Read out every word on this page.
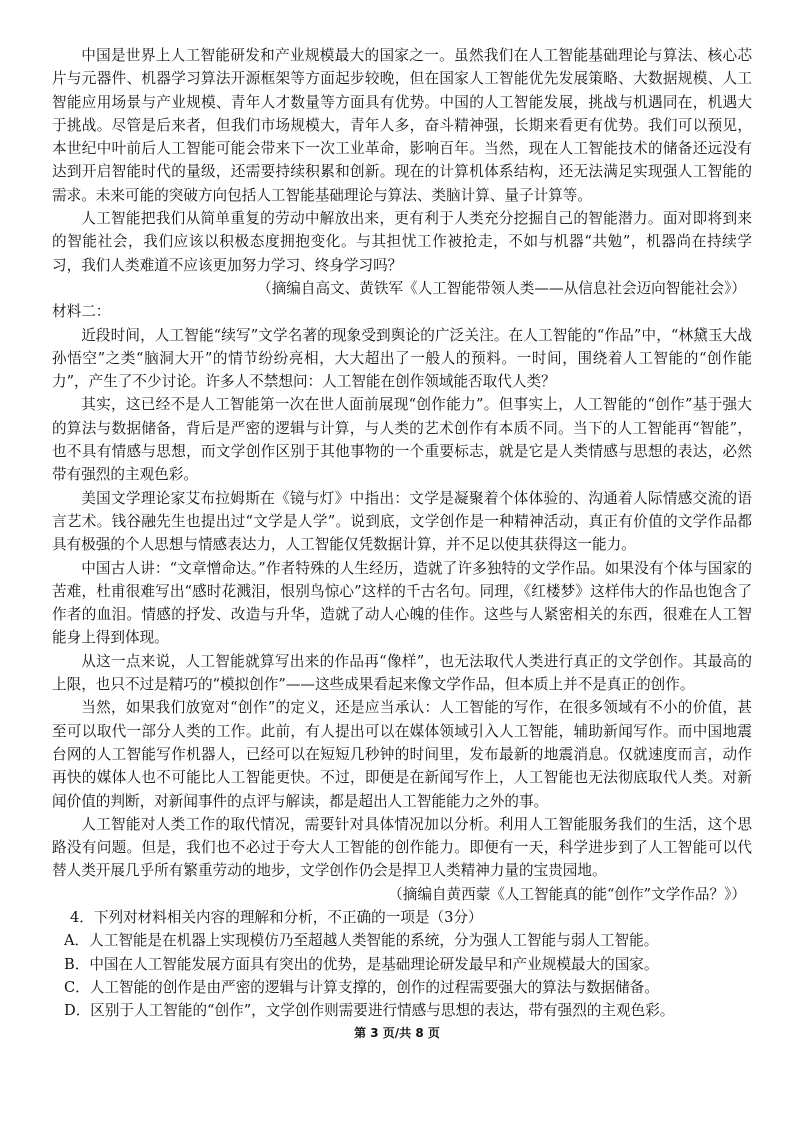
中国是世界上人工智能研发和产业规模最大的国家之一。虽然我们在人工智能基础理论与算法、核心芯片与元器件、机器学习算法开源框架等方面起步较晚，但在国家人工智能优先发展策略、大数据规模、人工智能应用场景与产业规模、青年人才数量等方面具有优势。中国的人工智能发展，挑战与机遇同在，机遇大于挑战。尽管是后来者，但我们市场规模大，青年人多，奋斗精神强，长期来看更有优势。我们可以预见，本世纪中叶前后人工智能可能会带来下一次工业革命，影响百年。当然，现在人工智能技术的储备还远没有达到开启智能时代的量级，还需要持续积累和创新。现在的计算机体系结构，还无法满足实现强人工智能的需求。未来可能的突破方向包括人工智能基础理论与算法、类脑计算、量子计算等。

人工智能把我们从简单重复的劳动中解放出来，更有利于人类充分挖掘自己的智能潜力。面对即将到来的智能社会，我们应该以积极态度拥抱变化。与其担忧工作被抢走，不如与机器“共勉”，机器尚在持续学习，我们人类难道不应该更加努力学习、终身学习吗？

（摘编自高文、黄铁军《人工智能带领人类——从信息社会迈向智能社会》）

材料二：

近段时间，人工智能“续写”文学名著的现象受到舆论的广泛关注。在人工智能的“作品”中，“林黛玉大战孙悟空”之类“脑洞大开”的情节纷纷亮相，大大超出了一般人的预料。一时间，围绕着人工智能的“创作能力”，产生了不少讨论。许多人不禁想问：人工智能在创作领域能否取代人类？

其实，这已经不是人工智能第一次在世人面前展现“创作能力”。但事实上，人工智能的“创作”基于强大的算法与数据储备，背后是严密的逻辑与计算，与人类的艺术创作有本质不同。当下的人工智能再“智能”，也不具有情感与思想，而文学创作区别于其他事物的一个重要标志，就是它是人类情感与思想的表达，必然带有强烈的主观色彩。

美国文学理论家艾布拉姆斯在《镜与灯》中指出：文学是凝聚着个体体验的、沟通着人际情感交流的语言艺术。钱谷融先生也提出过“文学是人学”。说到底，文学创作是一种精神活动，真正有价值的文学作品都具有极强的个人思想与情感表达力，人工智能仅凭数据计算，并不足以使其获得这一能力。

中国古人讲：“文章憎命达。”作者特殊的人生经历，造就了许多独特的文学作品。如果没有个体与国家的苦难，杜甫很难写出“感时花溅泪，恨别鸟惊心”这样的千古名句。同理，《红楼梦》这样伟大的作品也饱含了作者的血泪。情感的抒发、改造与升华，造就了动人心魄的佳作。这些与人紧密相关的东西，很难在人工智能身上得到体现。

从这一点来说，人工智能就算写出来的作品再“像样”，也无法取代人类进行真正的文学创作。其最高的上限，也只不过是精巧的“模拟创作”——这些成果看起来像文学作品，但本质上并不是真正的创作。

当然，如果我们放宽对“创作”的定义，还是应当承认：人工智能的写作，在很多领域有不小的价值，甚至可以取代一部分人类的工作。此前，有人提出可以在媒体领域引入人工智能，辅助新闻写作。而中国地震台网的人工智能写作机器人，已经可以在短短几秒钟的时间里，发布最新的地震消息。仅就速度而言，动作再快的媒体人也不可能比人工智能更快。不过，即便是在新闻写作上，人工智能也无法彻底取代人类。对新闻价值的判断，对新闻事件的点评与解读，都是超出人工智能能力之外的事。

人工智能对人类工作的取代情况，需要针对具体情况加以分析。利用人工智能服务我们的生活，这个思路没有问题。但是，我们也不必过于夸大人工智能的创作能力。即便有一天，科学进步到了人工智能可以代替人类开展几乎所有繁重劳动的地步，文学创作仍会是捍卫人类精神力量的宝贵园地。

（摘编自黄西蒙《人工智能真的能“创作”文学作品？》）

4．下列对材料相关内容的理解和分析，不正确的一项是（3分）

A．人工智能是在机器上实现模仿乃至超越人类智能的系统，分为强人工智能与弱人工智能。

B．中国在人工智能发展方面具有突出的优势，是基础理论研发最早和产业规模最大的国家。

C．人工智能的创作是由严密的逻辑与计算支撑的，创作的过程需要强大的算法与数据储备。

D．区别于人工智能的“创作”，文学创作则需要进行情感与思想的表达，带有强烈的主观色彩。

第 3 页/共 8 页
